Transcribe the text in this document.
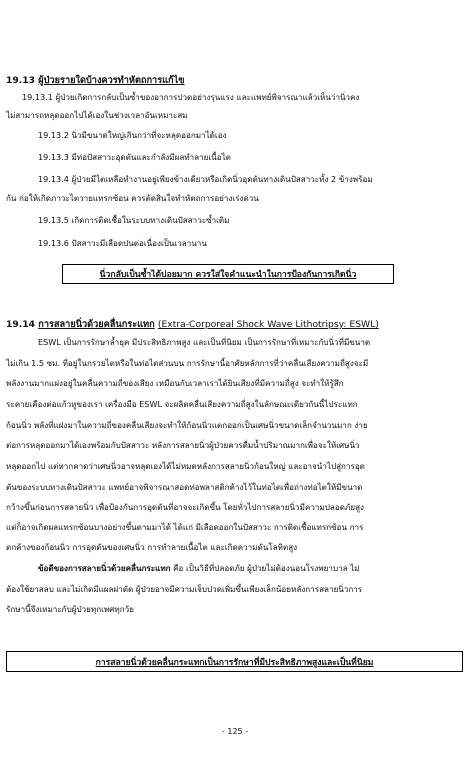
19.13 ผู้ป่วยรายใดบ้างควรทำหัตถการแก้ไข
19.13.1 ผู้ป่วยเกิดการกลับเป็นซ้ำของอาการปวดอย่างรุนแรง และแพทย์พิจารณาแล้วเห็นว่านิ่วคง
ไม่สามารถหลุดออกไปได้เองในช่วงเวลาอันเหมาะสม
19.13.2 นิ่วมีขนาดใหญ่เกินกว่าที่จะหลุดออกมาได้เอง
19.13.3 มีท่อปัสสาวะอุดตันและกำลังมีผลทำลายเนื้อไต
19.13.4 ผู้ป่วยมีไตเหลือทำงานอยู่เพียงข้างเดียวหรือเกิดนิ่วอุดตันทางเดินปัสสาวะทั้ง 2 ข้างพร้อม
กัน ก่อให้เกิดภาวะไตวายแทรกซ้อน ควรตัดสินใจทำหัตถการอย่างเร่งด่วน
19.13.5 เกิดการติดเชื้อในระบบทางเดินปัสสาวะซ้ำเติม
19.13.6 ปัสสาวะมีเลือดปนต่อเนื่องเป็นเวลานาน
นิ่วกลับเป็นซ้ำได้บ่อยมาก ควรใส่ใจคำแนะนำในการป้องกันการเกิดนิ่ว
19.14 การสลายนิ่วด้วยคลื่นกระแทก (Extra-Corporeal Shock Wave Lithotripsy: ESWL)
ESWL เป็นการรักษาล้ำยุค มีประสิทธิภาพสูง และเป็นที่นิยม เป็นการรักษาที่เหมาะกับนิ่วที่มีขนาด
ไม่เกิน 1.5 ซม. ที่อยู่ในกรวยไตหรือในท่อไตส่วนบน การรักษานี้อาศัยหลักการที่ว่าคลื่นเสียงความถี่สูงจะมี
พลังงานมากแฝงอยู่ในคลื่นความถี่ของเสียง เหมือนกับเวลาเราได้ยินเสียงที่มีความถี่สูง จะทำให้รู้สึก
ระคายเคืองต่อแก้วหูของเรา เครื่องมือ ESWL จะผลิตคลื่นเสียงความถี่สูงในลักษณะเดียวกันนี้ไประแทก
ก้อนนิ่ว พลังที่แฝงมาในความถี่ของคลื่นเสียงจะทำให้ก้อนนิ่วแตกออกเป็นเศษนิ่วขนาดเล็กจำนวนมาก ง่าย
ต่อการหลุดออกมาได้เองพร้อมกับปัสสาวะ หลังการสลายนิ่วผู้ป่วยควรดื่มน้ำปริมาณมากเพื่อจะให้เศษนิ่ว
หลุดออกไป แต่หากคาดว่าเศษนิ่วอาจหลุดเองได้ไม่หมดหลังการสลายนิ่วก้อนใหญ่ และอาจนำไปสู่การอุด
ตันของระบบทางเดินปัสสาวะ แพทย์อาจพิจารณาสอดท่อพลาสติกค้างไว้ในท่อไตเพื่อถ่างท่อไตให้มีขนาด
กว้างขึ้นก่อนการสลายนิ่ว เพื่อป้องกันการอุดตันที่อาจจะเกิดขึ้น โดยทั่วไปการสลายนิ่วมีความปลอดภัยสูง
แต่ก็อาจเกิดผลแทรกซ้อนบางอย่างขึ้นตามมาได้ ได้แก่ มีเลือดออกในปัสสาวะ การติดเชื้อแทรกซ้อน การ
ตกค้างของก้อนนิ่ว การอุดตันของเศษนิ่ว การทำลายเนื้อไต และเกิดความดันโลหิตสูง
ข้อดีของการสลายนิ่วด้วยคลื่นกระแทก คือ เป็นวิธีที่ปลอดภัย ผู้ป่วยไม่ต้องนอนโรงพยาบาล ไม่
ต้องใช้ยาสลบ และไม่เกิดมีแผลผ่าตัด ผู้ป่วยอาจมีความเจ็บปวดเพิ่มขึ้นเพียงเล็กน้อยหลังการสลายนิ่วการ
รักษานี้จึงเหมาะกับผู้ป่วยทุกเพศทุกวัย
การสลายนิ่วด้วยคลื่นกระแทกเป็นการรักษาที่มีประสิทธิภาพสูงและเป็นที่นิยม
- 125 -
